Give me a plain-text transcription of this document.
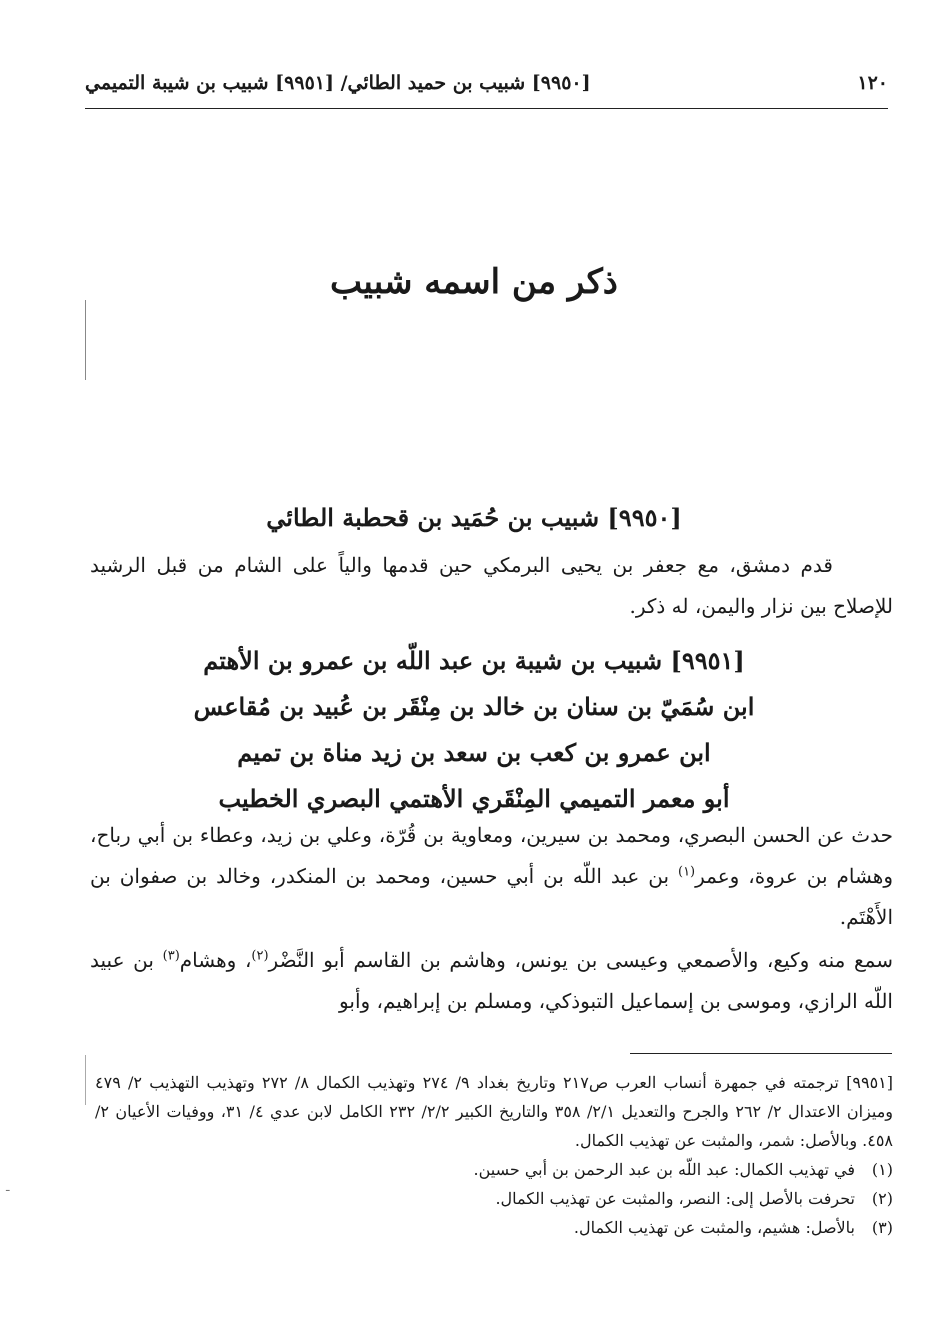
١٢٠
[٩٩٥٠] شبيب بن حميد الطائي/ [٩٩٥١] شبيب بن شيبة التميمي
ـ
ذكر من اسمه شبيب
[٩٩٥٠] شبيب بن حُمَيد بن قحطبة الطائي
قدم دمشق، مع جعفر بن يحيى البرمكي حين قدمها والياً على الشام من قبل الرشيد للإصلاح بين نزار واليمن، له ذكر.
[٩٩٥١] شبيب بن شيبة بن عبد اللّه بن عمرو بن الأهتم
ابن سُمَيّ بن سنان بن خالد بن مِنْقَر بن عُبيد بن مُقاعس
ابن عمرو بن كعب بن سعد بن زيد مناة بن تميم
أبو معمر التميمي المِنْقَري الأهتمي البصري الخطيب
حدث عن الحسن البصري، ومحمد بن سيرين، ومعاوية بن قُرّة، وعلي بن زيد، وعطاء بن أبي رباح، وهشام بن عروة، وعمر$^{(١)}$ بن عبد اللّه بن أبي حسين، ومحمد بن المنكدر، وخالد بن صفوان بن الأَهْتَم.
سمع منه وكيع، والأصمعي وعيسى بن يونس، وهاشم بن القاسم أبو النَّضْر$^{(٢)}$، وهشام$^{(٣)}$ بن عبيد اللّه الرازي، وموسى بن إسماعيل التبوذكي، ومسلم بن إبراهيم، وأبو
[٩٩٥١] ترجمته في جمهرة أنساب العرب ص٢١٧ وتاريخ بغداد ٩/ ٢٧٤ وتهذيب الكمال ٨/ ٢٧٢ وتهذيب التهذيب ٢/ ٤٧٩ وميزان الاعتدال ٢/ ٢٦٢ والجرح والتعديل ٢/١/ ٣٥٨ والتاريخ الكبير ٢/٢/ ٢٣٢ الكامل لابن عدي ٤/ ٣١، ووفيات الأعيان ٢/ ٤٥٨. وبالأصل: شمر، والمثبت عن تهذيب الكمال.
(١)في تهذيب الكمال: عبد اللّه بن عبد الرحمن بن أبي حسين.
(٢)تحرفت بالأصل إلى: النصر، والمثبت عن تهذيب الكمال.
(٣)بالأصل: هشيم، والمثبت عن تهذيب الكمال.
